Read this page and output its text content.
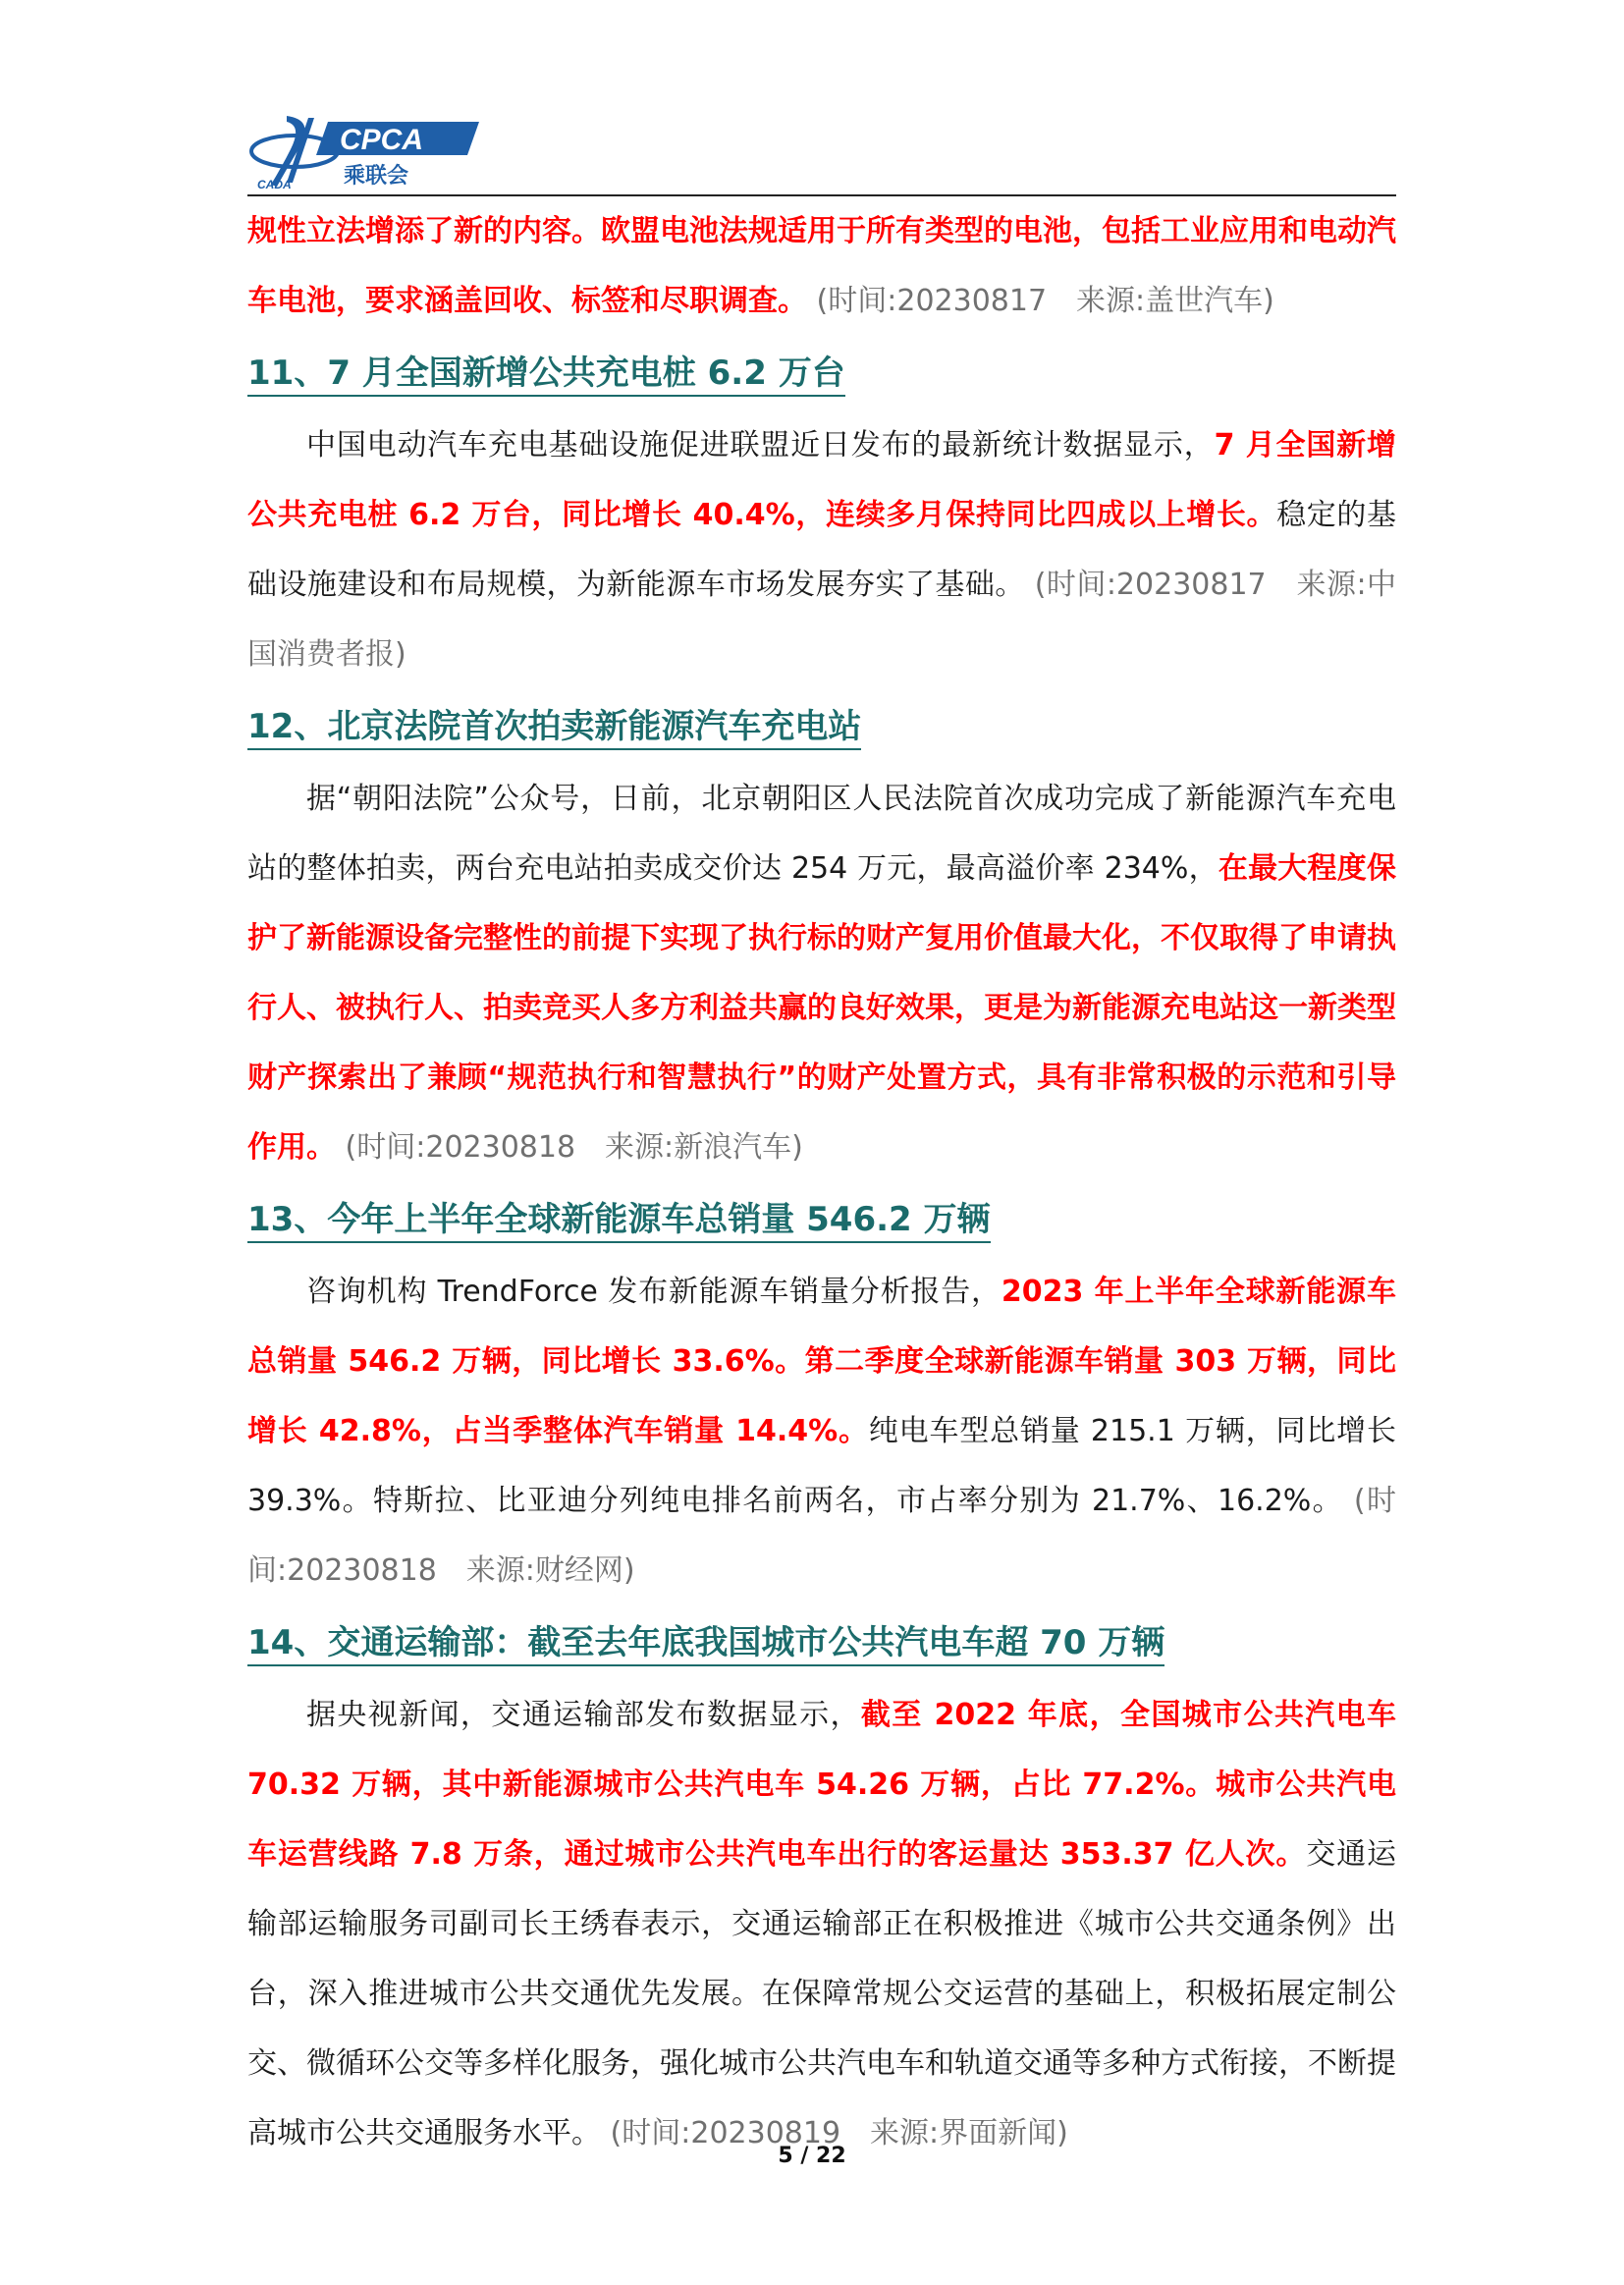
CADA
CPCA
乘联会

规性立法增添了新的内容。欧盟电池法规适用于所有类型的电池，包括工业应用和电动汽车电池，要求涵盖回收、标签和尽职调查。 (时间:20230817　来源:盖世汽车)

11、7 月全国新增公共充电桩 6.2 万台

中国电动汽车充电基础设施促进联盟近日发布的最新统计数据显示，7 月全国新增公共充电桩 6.2 万台，同比增长 40.4%，连续多月保持同比四成以上增长。稳定的基础设施建设和布局规模，为新能源车市场发展夯实了基础。 (时间:20230817　来源:中国消费者报)

12、北京法院首次拍卖新能源汽车充电站

据“朝阳法院”公众号，日前，北京朝阳区人民法院首次成功完成了新能源汽车充电站的整体拍卖，两台充电站拍卖成交价达 254 万元，最高溢价率 234%，在最大程度保护了新能源设备完整性的前提下实现了执行标的财产复用价值最大化，不仅取得了申请执行人、被执行人、拍卖竞买人多方利益共赢的良好效果，更是为新能源充电站这一新类型财产探索出了兼顾“规范执行和智慧执行”的财产处置方式，具有非常积极的示范和引导作用。 (时间:20230818　来源:新浪汽车)

13、今年上半年全球新能源车总销量 546.2 万辆

咨询机构 TrendForce 发布新能源车销量分析报告，2023 年上半年全球新能源车总销量 546.2 万辆，同比增长 33.6%。第二季度全球新能源车销量 303 万辆，同比增长 42.8%，占当季整体汽车销量 14.4%。纯电车型总销量 215.1 万辆，同比增长 39.3%。特斯拉、比亚迪分列纯电排名前两名，市占率分别为 21.7%、16.2%。 (时间:20230818　来源:财经网)

14、交通运输部：截至去年底我国城市公共汽电车超 70 万辆

据央视新闻，交通运输部发布数据显示，截至 2022 年底，全国城市公共汽电车 70.32 万辆，其中新能源城市公共汽电车 54.26 万辆，占比 77.2%。城市公共汽电车运营线路 7.8 万条，通过城市公共汽电车出行的客运量达 353.37 亿人次。交通运输部运输服务司副司长王绣春表示，交通运输部正在积极推进《城市公共交通条例》出台，深入推进城市公共交通优先发展。在保障常规公交运营的基础上，积极拓展定制公交、微循环公交等多样化服务，强化城市公共汽电车和轨道交通等多种方式衔接，不断提高城市公共交通服务水平。 (时间:20230819　来源:界面新闻)

5 / 22
